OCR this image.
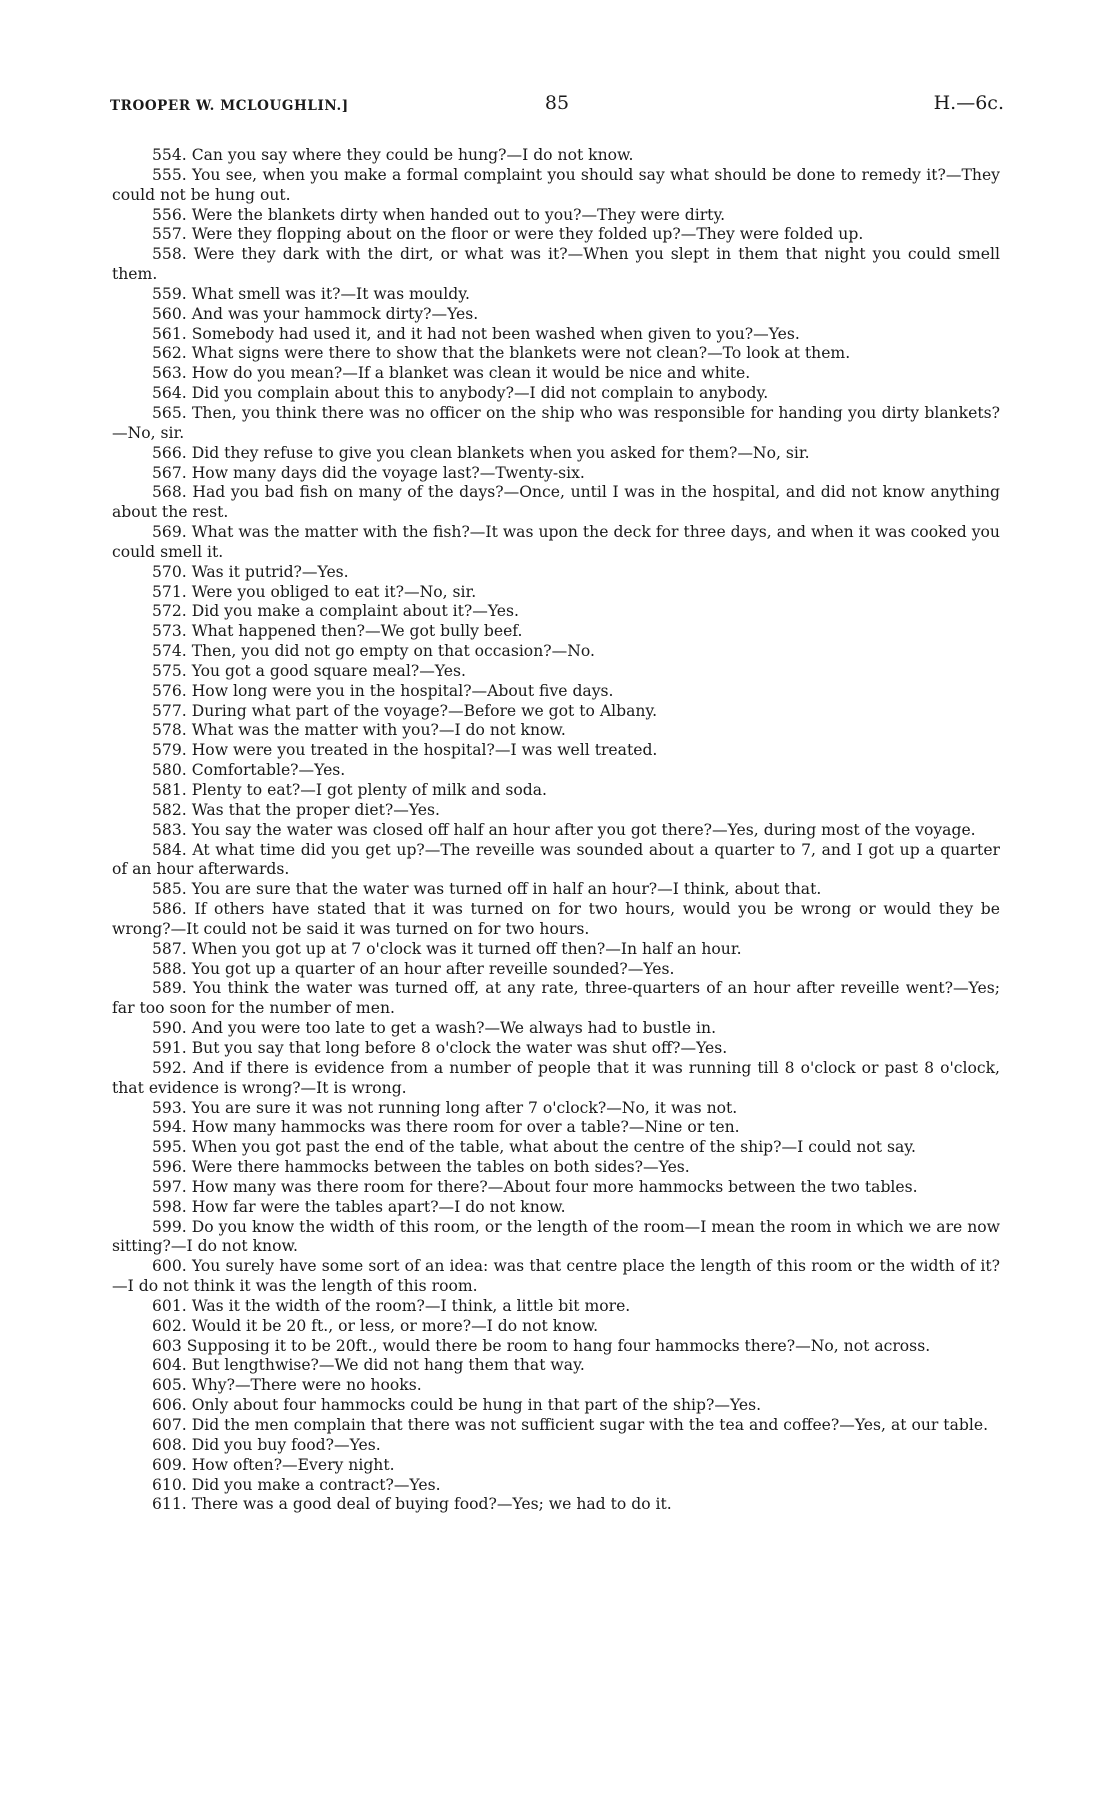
TROOPER W. MCLOUGHLIN.]	85	H.—6c.

554. Can you say where they could be hung?—I do not know.

555. You see, when you make a formal complaint you should say what should be done to remedy it?—They could not be hung out.

556. Were the blankets dirty when handed out to you?—They were dirty.

557. Were they flopping about on the floor or were they folded up?—They were folded up.

558. Were they dark with the dirt, or what was it?—When you slept in them that night you could smell them.

559. What smell was it?—It was mouldy.

560. And was your hammock dirty?—Yes.

561. Somebody had used it, and it had not been washed when given to you?—Yes.

562. What signs were there to show that the blankets were not clean?—To look at them.

563. How do you mean?—If a blanket was clean it would be nice and white.

564. Did you complain about this to anybody?—I did not complain to anybody.

565. Then, you think there was no officer on the ship who was responsible for handing you dirty blankets?—No, sir.

566. Did they refuse to give you clean blankets when you asked for them?—No, sir.

567. How many days did the voyage last?—Twenty-six.

568. Had you bad fish on many of the days?—Once, until I was in the hospital, and did not know anything about the rest.

569. What was the matter with the fish?—It was upon the deck for three days, and when it was cooked you could smell it.

570. Was it putrid?—Yes.

571. Were you obliged to eat it?—No, sir.

572. Did you make a complaint about it?—Yes.

573. What happened then?—We got bully beef.

574. Then, you did not go empty on that occasion?—No.

575. You got a good square meal?—Yes.

576. How long were you in the hospital?—About five days.

577. During what part of the voyage?—Before we got to Albany.

578. What was the matter with you?—I do not know.

579. How were you treated in the hospital?—I was well treated.

580. Comfortable?—Yes.

581. Plenty to eat?—I got plenty of milk and soda.

582. Was that the proper diet?—Yes.

583. You say the water was closed off half an hour after you got there?—Yes, during most of the voyage.

584. At what time did you get up?—The reveille was sounded about a quarter to 7, and I got up a quarter of an hour afterwards.

585. You are sure that the water was turned off in half an hour?—I think, about that.

586. If others have stated that it was turned on for two hours, would you be wrong or would they be wrong?—It could not be said it was turned on for two hours.

587. When you got up at 7 o'clock was it turned off then?—In half an hour.

588. You got up a quarter of an hour after reveille sounded?—Yes.

589. You think the water was turned off, at any rate, three-quarters of an hour after reveille went?—Yes; far too soon for the number of men.

590. And you were too late to get a wash?—We always had to bustle in.

591. But you say that long before 8 o'clock the water was shut off?—Yes.

592. And if there is evidence from a number of people that it was running till 8 o'clock or past 8 o'clock, that evidence is wrong?—It is wrong.

593. You are sure it was not running long after 7 o'clock?—No, it was not.

594. How many hammocks was there room for over a table?—Nine or ten.

595. When you got past the end of the table, what about the centre of the ship?—I could not say.

596. Were there hammocks between the tables on both sides?—Yes.

597. How many was there room for there?—About four more hammocks between the two tables.

598. How far were the tables apart?—I do not know.

599. Do you know the width of this room, or the length of the room—I mean the room in which we are now sitting?—I do not know.

600. You surely have some sort of an idea: was that centre place the length of this room or the width of it?—I do not think it was the length of this room.

601. Was it the width of the room?—I think, a little bit more.

602. Would it be 20 ft., or less, or more?—I do not know.

603 Supposing it to be 20ft., would there be room to hang four hammocks there?—No, not across.

604. But lengthwise?—We did not hang them that way.

605. Why?—There were no hooks.

606. Only about four hammocks could be hung in that part of the ship?—Yes.

607. Did the men complain that there was not sufficient sugar with the tea and coffee?—Yes, at our table.

608. Did you buy food?—Yes.

609. How often?—Every night.

610. Did you make a contract?—Yes.

611. There was a good deal of buying food?—Yes; we had to do it.
